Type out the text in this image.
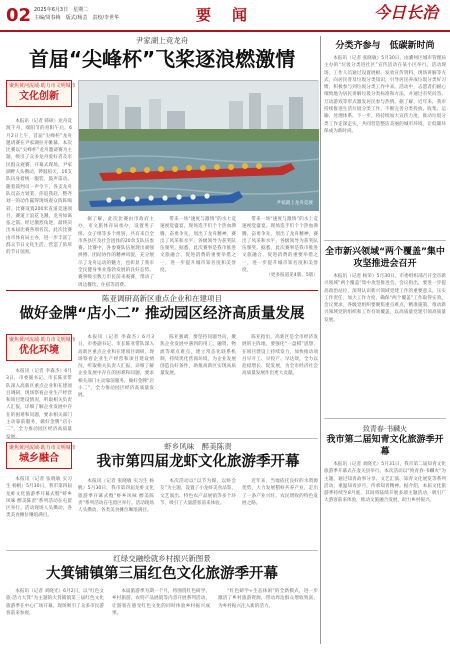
02 2025年6月3日　星期二
主编/周春梅　版式/杨芸　责校/李世华	要　闻	今日长治
尹家湖上竞龙舟
首届“尖峰杯”飞桨逐浪燃激情
聚焦黄河流域·助力市文明城市
文化创新

本报讯（记者 韩硕）龙舟竞渡千舟，端阳节的青阳午后。6月2日上午，首届“尖峰杯”龙舟邀请赛在尹家湖拉开帷幕。本次比赛以“尖峰杯”龙舟邀请赛为主题，吸引了众多龙舟爱好者及市民群众观赛。开幕式现场，尹家湖畔人头攒动，锣鼓喧天，16支队伍身着统一服装，鼓声雷动。随着裁判员一声令下，各支龙舟队员奋力划桨，你追我赶，整齐划一的动作赢得现场观众阵阵喝彩。比赛设置200米直道竞速项目，赛道上浪花飞溅，龙舟如离弦之箭。经过激烈角逐，最终决出本届比赛各项名次。此次比赛由市体育局主办，进一步丰富了群众节日文化生活，营造了浓厚的节日氛围。

尹家湖上龙舟竞渡

据了解，此次比赛由市政府主办，市文旅体育局承办，设置男子组、女子组等多个组别，共有来自全市各县区及社会团体的20余支队伍参赛。比赛中，各参赛队伍展现出顽强拼搏、团结协作的精神风貌，充分展示了龙舟运动的魅力，也彰显了我市全民健身事业蓬勃发展的良好态势。赛事吸引数万市民前来观赛，带动了周边餐饮、住宿等消费。

带来一场“速度与激情”的水上竞速视觉盛宴。现场选手们个个热血沸腾，奋勇争先，划出了龙舟精神，赛出了风采和水平。各级领导为获奖队伍颁奖。据悉，此次赛事是我市推进文旅融合、促进消费的重要举措之一，进一步提升城市知名度和美誉度。

带来一场“速度与激情”的水上竞速视觉盛宴。现场选手们个个热血沸腾，奋勇争先，划出了龙舟精神，赛出了风采和水平。各级领导为获奖队伍颁奖。据悉，此次赛事是我市推进文旅融合、促进消费的重要举措之一，进一步提升城市知名度和美誉度。

（更多报道见4版、5版）
陈亚调研高新区重点企业和在建项目
做好金牌“店小二” 推动园区经济高质量发展
聚焦黄河流域·助力市文明城市
优化环境

本报讯（记者 李森杰）6月3日，市委副书记、市长陈亚带队深入高新区重点企业和在建项目调研，现场察看企业生产经营和项目建设情况，听取相关负责人汇报，详细了解企业发展中存在的困难和问题，要求相关部门主动靠前服务，做好金牌“店小二”，全力推动园区经济高质量

本报讯（记者 李森杰）6月3日，市委副书记、市长陈亚带队深入高新区重点企业和在建项目调研，现场察看企业生产经营和项目建设情况，听取相关负责人汇报，详细了解企业发展中存在的困难和问题，要求相关部门主动靠前服务，做好金牌“店小二”，全力推动园区经济高质量发展。

陈亚强调，要坚持问题导向，聚焦企业发展中遇到的用工、融资、物流等堵点难点，建立常态化联系机制，持续优化营商环境，为企业发展创造良好条件，助推高新区实现高质量发展。

陈亚指出，高新区是全市经济发展的主阵地，要强化“一盘棋”思想，在项目建设上持续发力，加快推动项目早开工、早投产、早达效，全力以赴稳增长、促发展，为全市经济社会高质量发展作出更大贡献。

虾乡风味　醉美陈责
我市第四届龙虾文化旅游季开幕
聚焦黄河流域·助力市文明城市
城乡融合

本报讯（记者 张晓敏 实习生 杨帆）5月30日，我市第四届龙虾文化旅游季开幕式暨“虾乡风味 醉美陈责”系列活动在屯留区举行。活动现场人头攒动，各类美食摊位琳琅满目。

本报讯（记者 张晓敏 实习生 杨帆）5月30日，我市第四届龙虾文化旅游季开幕式暨“虾乡风味 醉美陈责”系列活动在屯留区举行。活动现场人头攒动，各类美食摊位琳琅满目。

本次活动以“以节为媒、以虾会友”为主题，设置了小龙虾美食品鉴、文艺演出、特色农产品展销等多个环节，吸引了大量游客前来体验。

近年来，当地依托良好的水资源优势，大力发展稻虾共养产业，走出了一条产业兴旺、农民增收的特色发展之路。

红绿交融绘就乡村振兴新图景
大箕铺镇第三届红色文化旅游季开幕

本报讯（记者 刘晓光）6月2日，以“红色文旅·活力大箕”为主题的大箕铺镇第三届红色文化旅游季在中心广场开幕。现场吸引了众多市民游客前来参观。

本届旅游季为期一个月，将围绕红色研学、乡村旅游、农特产品展销等内容开展系列活动，让游客在感受红色文化的同时体验乡村振兴成果。

“红色研学+生态休闲”的全新模式，进一步激活了乡村旅游资源，带动周边群众增收致富，为乡村振兴注入新的活力。

分类齐参与　低碳新时尚

本报讯（记者 张晓敏）5月30日，由潞州区城市管理局主办的“垃圾分类进社区”宣传活动在某小区举行。活动现场，工作人员通过设置展板、发放宣传资料、现场讲解等方式，向居民普及垃圾分类知识，引导居民养成垃圾分类好习惯，积极参与到垃圾分类工作中来。活动中，志愿者们耐心细致地为居民讲解垃圾分类标准和方法，并通过有奖问答、互动游戏等形式激发居民参与热情。据了解，近年来，我市持续推进生活垃圾分类工作，不断完善分类投放、收集、运输、处理体系。下一步，将持续加大宣传力度，推动垃圾分类工作走深走实，共同营造整洁美丽的城市环境，让低碳环保成为新时尚。

全市新兴领域“两个覆盖”集中攻坚推进会召开

本报讯（记者 杨荣）5月30日，市委组织部召开全市新兴领域“两个覆盖”集中攻坚推进会。会议指出，要进一步提高政治站位，深刻认识新兴领域党建工作的重要意义，压实工作责任，加大工作力度，确保“两个覆盖”工作取得实效。会议要求，各级党组织要聚焦重点难点，精准施策，推动新兴领域党的组织和工作有效覆盖，以高质量党建引领高质量发展。

致青春·书麟火
我市第二届知青文化旅游季开幕

本报讯（记者 刘晓光）5月31日，我市第二届知青文化旅游季开幕式在壶关县举行。本次活动以“致青春·书麟火”为主题，通过知青故事分享、文艺汇演、知青文化展览等系列活动，重温知青岁月，传承知青精神。据介绍，本届文化旅游季持续至8月底，其间将陆续开展多项主题活动，吸引广大游客前来体验，推动文旅融合发展，助力乡村振兴。
